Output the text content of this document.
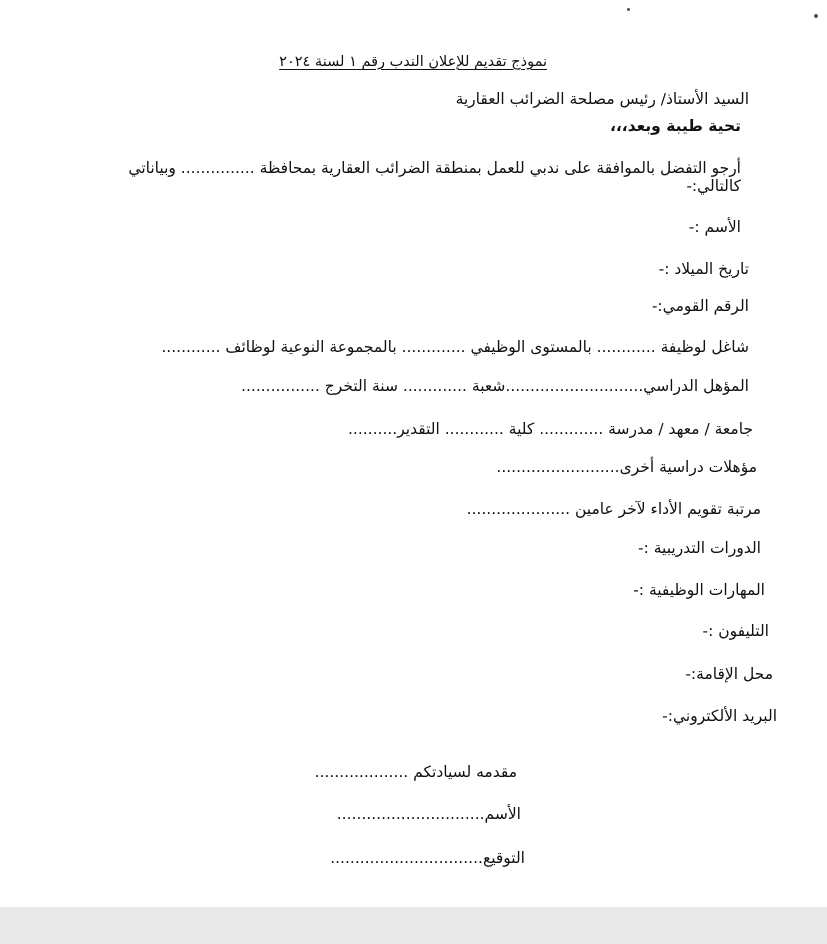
نموذج تقديم للإعلان الندب رقم ١ لسنة ٢٠٢٤
السيد الأستاذ/ رئيس مصلحة الضرائب العقارية
تحية طيبة وبعد،،،
أرجو التفضل بالموافقة على ندبي للعمل بمنطقة الضرائب العقارية بمحافظة ............... وبياناتي
كالتالي:-
الأسم :-
تاريخ الميلاد :-
الرقم القومي:-
شاغل لوظيفة ............ بالمستوى الوظيفي ............. بالمجموعة النوعية لوظائف ............
المؤهل الدراسي............................شعبة ............. سنة التخرج ................
جامعة / معهد / مدرسة ............. كلية ............ التقدير..........
مؤهلات دراسية أخرى.........................
مرتبة تقويم الأداء لآخر عامين .....................
الدورات التدريبية :-
المهارات الوظيفية :-
التليفون :-
محل الإقامة:-
البريد الألكتروني:-
مقدمه لسيادتكم ...................
الأسم..............................
التوقيع...............................
